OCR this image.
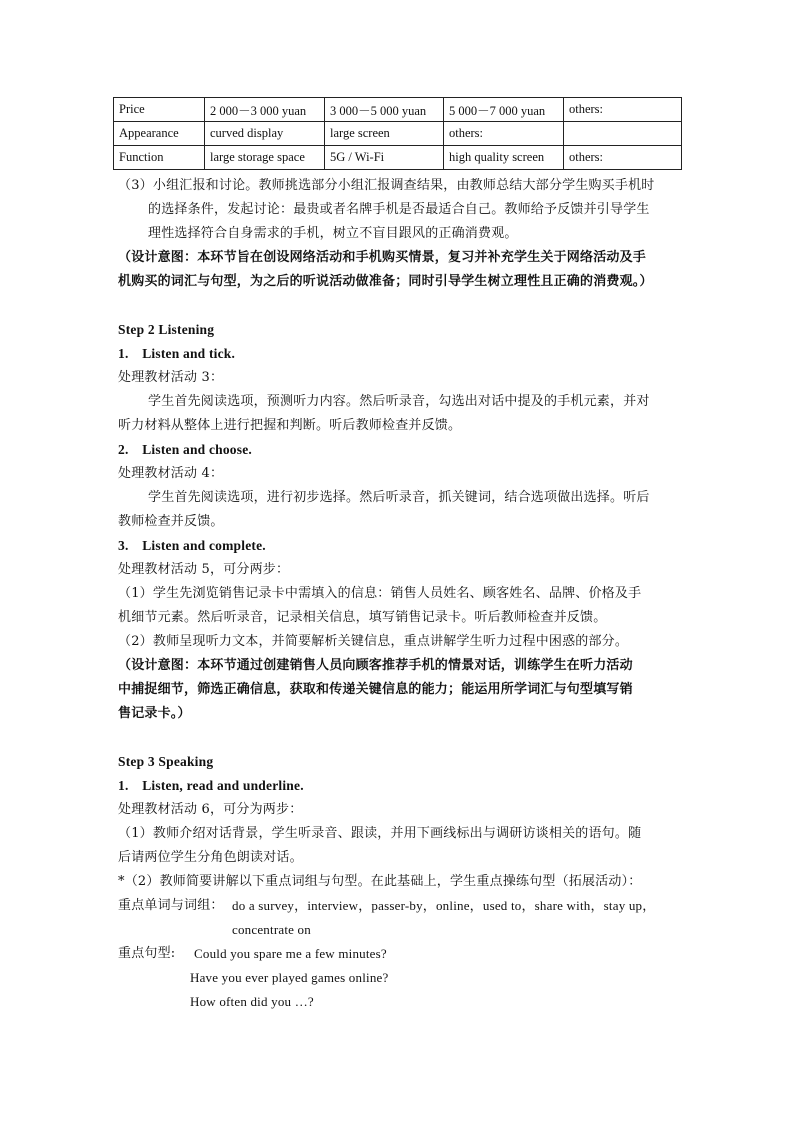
Price	2 000－3 000 yuan	3 000－5 000 yuan	5 000－7 000 yuan	others:
Appearance	curved display	large screen	others:	
Function	large storage space	5G / Wi-Fi	high quality screen	others:
（3）小组汇报和讨论。教师挑选部分小组汇报调查结果，由教师总结大部分学生购买手机时
的选择条件，发起讨论：最贵或者名牌手机是否最适合自己。教师给予反馈并引导学生
理性选择符合自身需求的手机，树立不盲目跟风的正确消费观。
（设计意图：本环节旨在创设网络活动和手机购买情景，复习并补充学生关于网络活动及手
机购买的词汇与句型，为之后的听说活动做准备；同时引导学生树立理性且正确的消费观。）
Step 2 Listening
1.　Listen and tick.
处理教材活动 3：
学生首先阅读选项，预测听力内容。然后听录音，勾选出对话中提及的手机元素，并对
听力材料从整体上进行把握和判断。听后教师检查并反馈。
2.　Listen and choose.
处理教材活动 4：
学生首先阅读选项，进行初步选择。然后听录音，抓关键词，结合选项做出选择。听后
教师检查并反馈。
3.　Listen and complete.
处理教材活动 5，可分两步：
（1）学生先浏览销售记录卡中需填入的信息：销售人员姓名、顾客姓名、品牌、价格及手
机细节元素。然后听录音，记录相关信息，填写销售记录卡。听后教师检查并反馈。
（2）教师呈现听力文本，并简要解析关键信息，重点讲解学生听力过程中困惑的部分。
（设计意图：本环节通过创建销售人员向顾客推荐手机的情景对话，训练学生在听力活动
中捕捉细节，筛选正确信息，获取和传递关键信息的能力；能运用所学词汇与句型填写销
售记录卡。）
Step 3 Speaking
1.　Listen, read and underline.
处理教材活动 6，可分为两步：
（1）教师介绍对话背景，学生听录音、跟读，并用下画线标出与调研访谈相关的语句。随
后请两位学生分角色朗读对话。
*（2）教师简要讲解以下重点词组与句型。在此基础上，学生重点操练句型（拓展活动）：
重点单词与词组： do a survey，interview，passer-by，online，used to，share with，stay up，
concentrate on
重点句型: Could you spare me a few minutes?
Have you ever played games online?
How often did you …?
